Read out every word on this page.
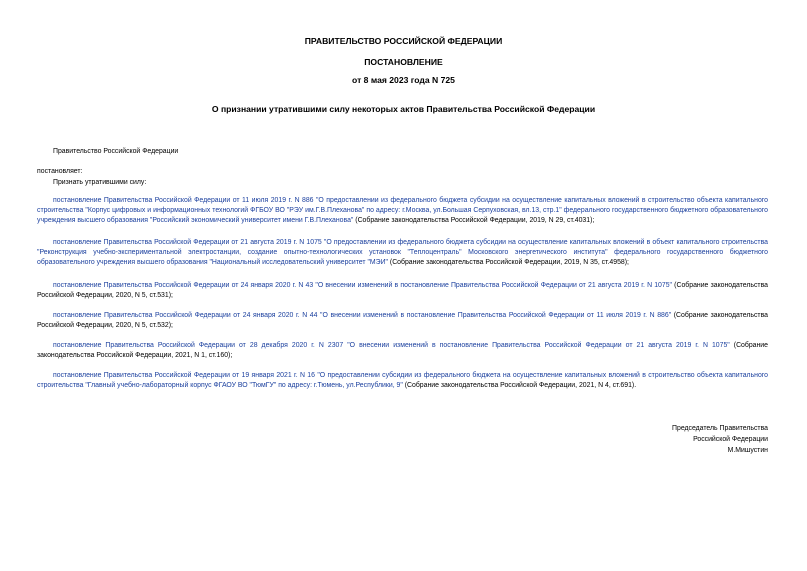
ПРАВИТЕЛЬСТВО РОССИЙСКОЙ ФЕДЕРАЦИИ
ПОСТАНОВЛЕНИЕ
от 8 мая 2023 года N 725
О признании утратившими силу некоторых актов Правительства Российской Федерации
Правительство Российской Федерации
постановляет:
Признать утратившими силу:
постановление Правительства Российской Федерации от 11 июля 2019 г. N 886 "О предоставлении из федерального бюджета субсидии на осуществление капитальных вложений в строительство объекта капитального строительства "Корпус цифровых и информационных технологий ФГБОУ ВО "РЭУ им.Г.В.Плеханова" по адресу: г.Москва, ул.Большая Серпуховская, вл.13, стр.1" федерального государственного бюджетного образовательного учреждения высшего образования "Российский экономический университет имени Г.В.Плеханова" (Собрание законодательства Российской Федерации, 2019, N 29, ст.4031);
постановление Правительства Российской Федерации от 21 августа 2019 г. N 1075 "О предоставлении из федерального бюджета субсидии на осуществление капитальных вложений в объект капитального строительства "Реконструкция учебно-экспериментальной электростанции, создание опытно-технологических установок "Теплоцентраль" Московского энергетического института" федерального государственного бюджетного образовательного учреждения высшего образования "Национальный исследовательский университет "МЭИ" (Собрание законодательства Российской Федерации, 2019, N 35, ст.4958);
постановление Правительства Российской Федерации от 24 января 2020 г. N 43 "О внесении изменений в постановление Правительства Российской Федерации от 21 августа 2019 г. N 1075" (Собрание законодательства Российской Федерации, 2020, N 5, ст.531);
постановление Правительства Российской Федерации от 24 января 2020 г. N 44 "О внесении изменений в постановление Правительства Российской Федерации от 11 июля 2019 г. N 886" (Собрание законодательства Российской Федерации, 2020, N 5, ст.532);
постановление Правительства Российской Федерации от 28 декабря 2020 г. N 2307 "О внесении изменений в постановление Правительства Российской Федерации от 21 августа 2019 г. N 1075" (Собрание законодательства Российской Федерации, 2021, N 1, ст.160);
постановление Правительства Российской Федерации от 19 января 2021 г. N 16 "О предоставлении субсидии из федерального бюджета на осуществление капитальных вложений в строительство объекта капитального строительства "Главный учебно-лабораторный корпус ФГАОУ ВО "ТюмГУ" по адресу: г.Тюмень, ул.Республики, 9" (Собрание законодательства Российской Федерации, 2021, N 4, ст.691).
Председатель Правительства
Российской Федерации
М.Мишустин
